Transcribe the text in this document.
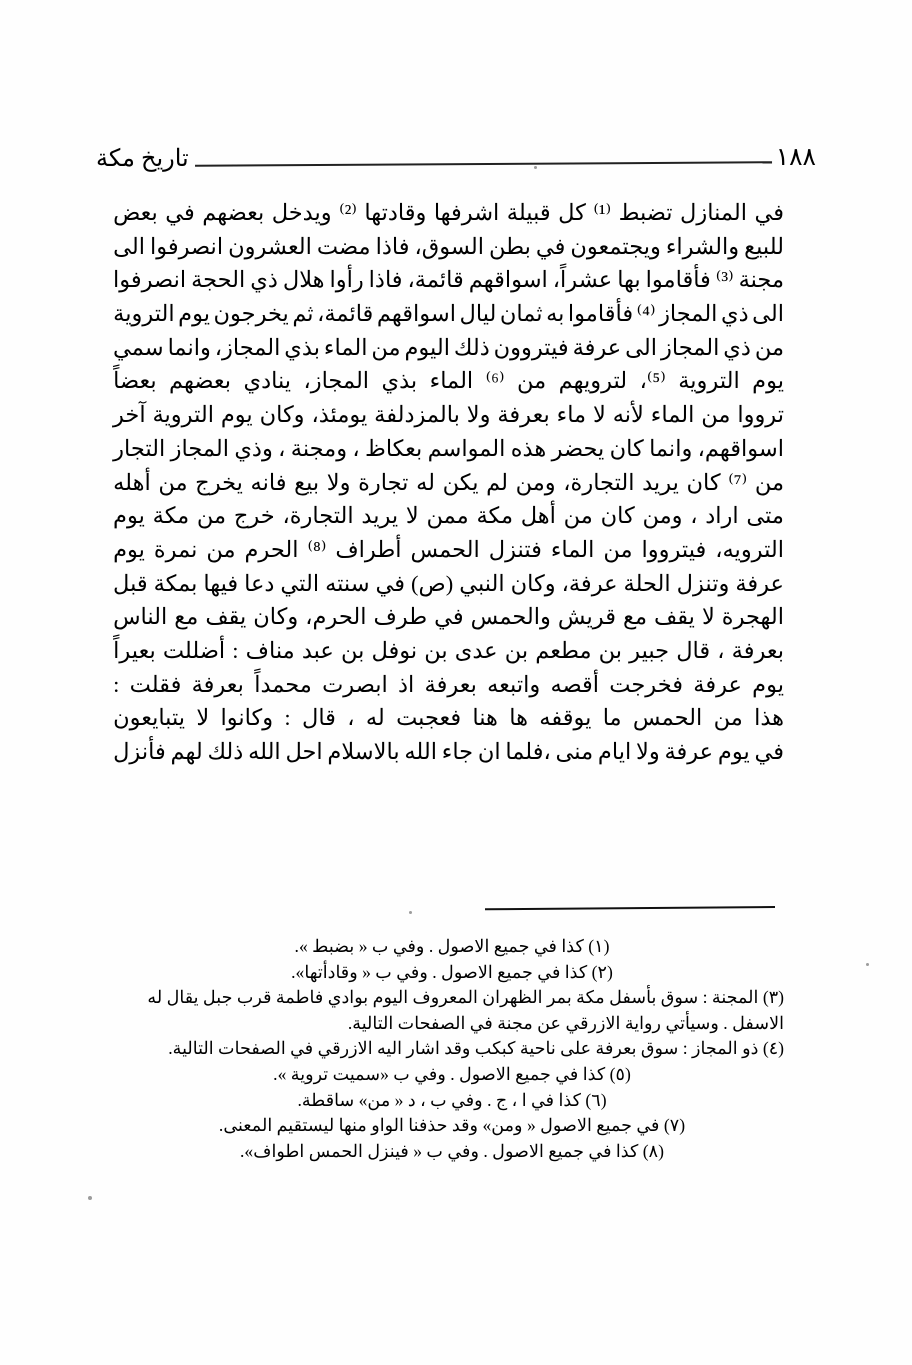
تاريخ مكة	١٨٨
في
المنازل
تضبط
⁽¹⁾
كل
قبيلة
اشرفها
وقادتها
⁽²⁾
ويدخل
بعضهم
في
بعض
للبيع
والشراء
ويجتمعون
في
بطن
السوق،
فاذا
مضت
العشرون
انصرفوا
الى
مجنة
⁽³⁾
فأقاموا
بها
عشراً،
اسواقهم
قائمة،
فاذا
رأوا
هلال
ذي
الحجة
انصرفوا
الى
ذي
المجاز
⁽⁴⁾
فأقاموا
به
ثمان
ليال
اسواقهم
قائمة،
ثم
يخرجون
يوم
التروية
من
ذي
المجاز
الى
عرفة
فيتروون
ذلك
اليوم
من
الماء
بذي
المجاز،
وانما
سمي
يوم
التروية
⁽⁵⁾،
لترويهم
من
⁽⁶⁾
الماء
بذي
المجاز،
ينادي
بعضهم
بعضاً
ترووا
من
الماء
لأنه
لا
ماء
بعرفة
ولا
بالمزدلفة
يومئذ،
وكان
يوم
التروية
آخر
اسواقهم،
وانما
كان
يحضر
هذه
المواسم
بعكاظ
،
ومجنة
،
وذي
المجاز
التجار
من
⁽⁷⁾
كان
يريد
التجارة،
ومن
لم
يكن
له
تجارة
ولا
بيع
فانه
يخرج
من
أهله
متى
اراد
،
ومن
كان
من
أهل
مكة
ممن
لا
يريد
التجارة،
خرج
من
مكة
يوم
الترويه،
فيترووا
من
الماء
فتنزل
الحمس
أطراف
⁽⁸⁾
الحرم
من
نمرة
يوم
عرفة
وتنزل
الحلة
عرفة،
وكان
النبي
(ص)
في
سنته
التي
دعا
فيها
بمكة
قبل
الهجرة
لا
يقف
مع
قريش
والحمس
في
طرف
الحرم،
وكان
يقف
مع
الناس
بعرفة
،
قال
جبير
بن
مطعم
بن
عدى
بن
نوفل
بن
عبد
مناف
:
أضللت
بعيراً
يوم
عرفة
فخرجت
أقصه
واتبعه
بعرفة
اذ
ابصرت
محمداً
بعرفة
فقلت
:
هذا
من
الحمس
ما
يوقفه
ها
هنا
فعجبت
له
،
قال
:
وكانوا
لا
يتبايعون
في
يوم
عرفة
ولا
ايام
منى
،فلما
ان
جاء
الله
بالاسلام
احل
الله
ذلك
لهم
فأنزل
(١) كذا في جميع الاصول . وفي ب « بضبط ».
(٢) كذا في جميع الاصول . وفي ب « وقادأتها».
(٣) المجنة : سوق بأسفل مكة بمر الظهران المعروف اليوم بوادي فاطمة قرب جبل يقال له
الاسفل . وسيأتي رواية الازرقي عن مجنة في الصفحات التالية.
(٤) ذو المجاز : سوق بعرفة على ناحية كبكب وقد اشار اليه الازرقي في الصفحات التالية.
(٥) كذا في جميع الاصول . وفي ب «سميت تروية ».
(٦) كذا في ا ، ج . وفي ب ، د « من» ساقطة.
(٧) في جميع الاصول « ومن» وقد حذفنا الواو منها ليستقيم المعنى.
(٨) كذا في جميع الاصول . وفي ب « فينزل الحمس اطواف».
